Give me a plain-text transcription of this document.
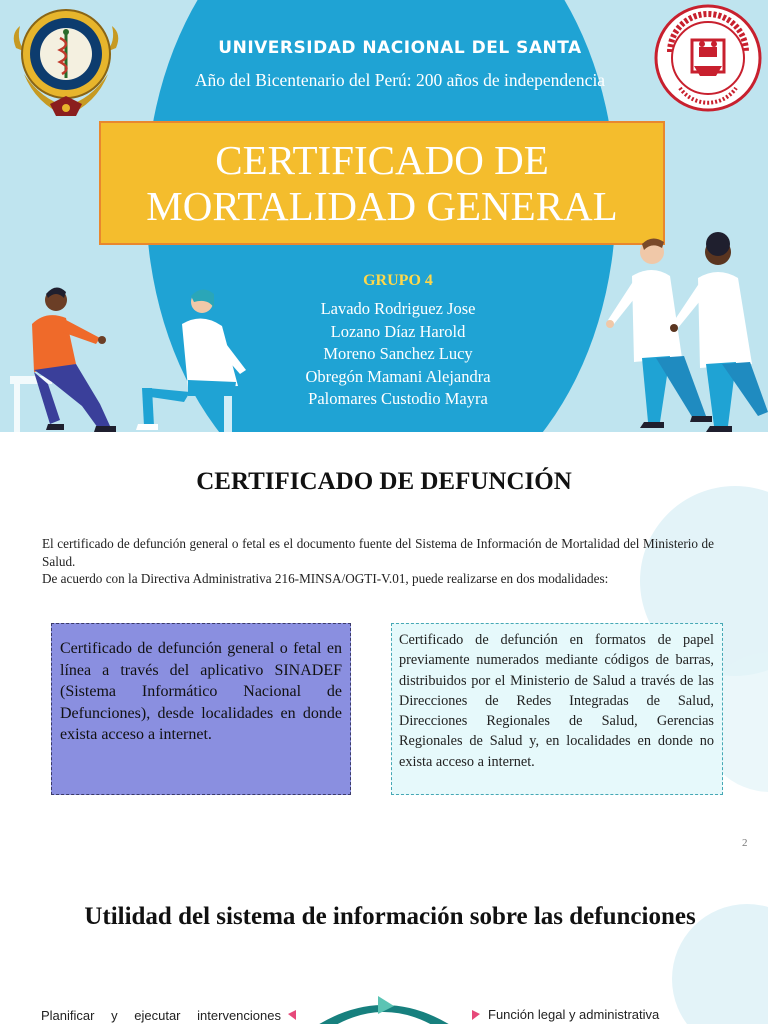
UNIVERSIDAD NACIONAL DEL SANTA

Año del Bicentenario del Perú: 200 años de independencia

CERTIFICADO DE
MORTALIDAD GENERAL

GRUPO 4

Lavado Rodriguez Jose
Lozano Díaz Harold
Moreno Sanchez Lucy
Obregón Mamani Alejandra
Palomares Custodio Mayra
CERTIFICADO DE DEFUNCIÓN

El certificado de defunción general o fetal es el documento fuente del Sistema de Información de Mortalidad del Ministerio de Salud.
De acuerdo con la Directiva Administrativa 216-MINSA/OGTI-V.01, puede realizarse en dos modalidades:

Certificado de defunción general o fetal en línea a través del aplicativo SINADEF (Sistema Informático Nacional de Defunciones), desde localidades en donde exista acceso a internet.
Certificado de defunción en formatos de papel previamente numerados mediante códigos de barras, distribuidos por el Ministerio de Salud a través de las Direcciones de Redes Integradas de Salud, Direcciones Regionales de Salud, Gerencias Regionales de Salud y, en localidades en donde no exista acceso a internet.
2
Utilidad del sistema de información sobre las defunciones

Planificar y ejecutar intervenciones	Función legal y administrativa
